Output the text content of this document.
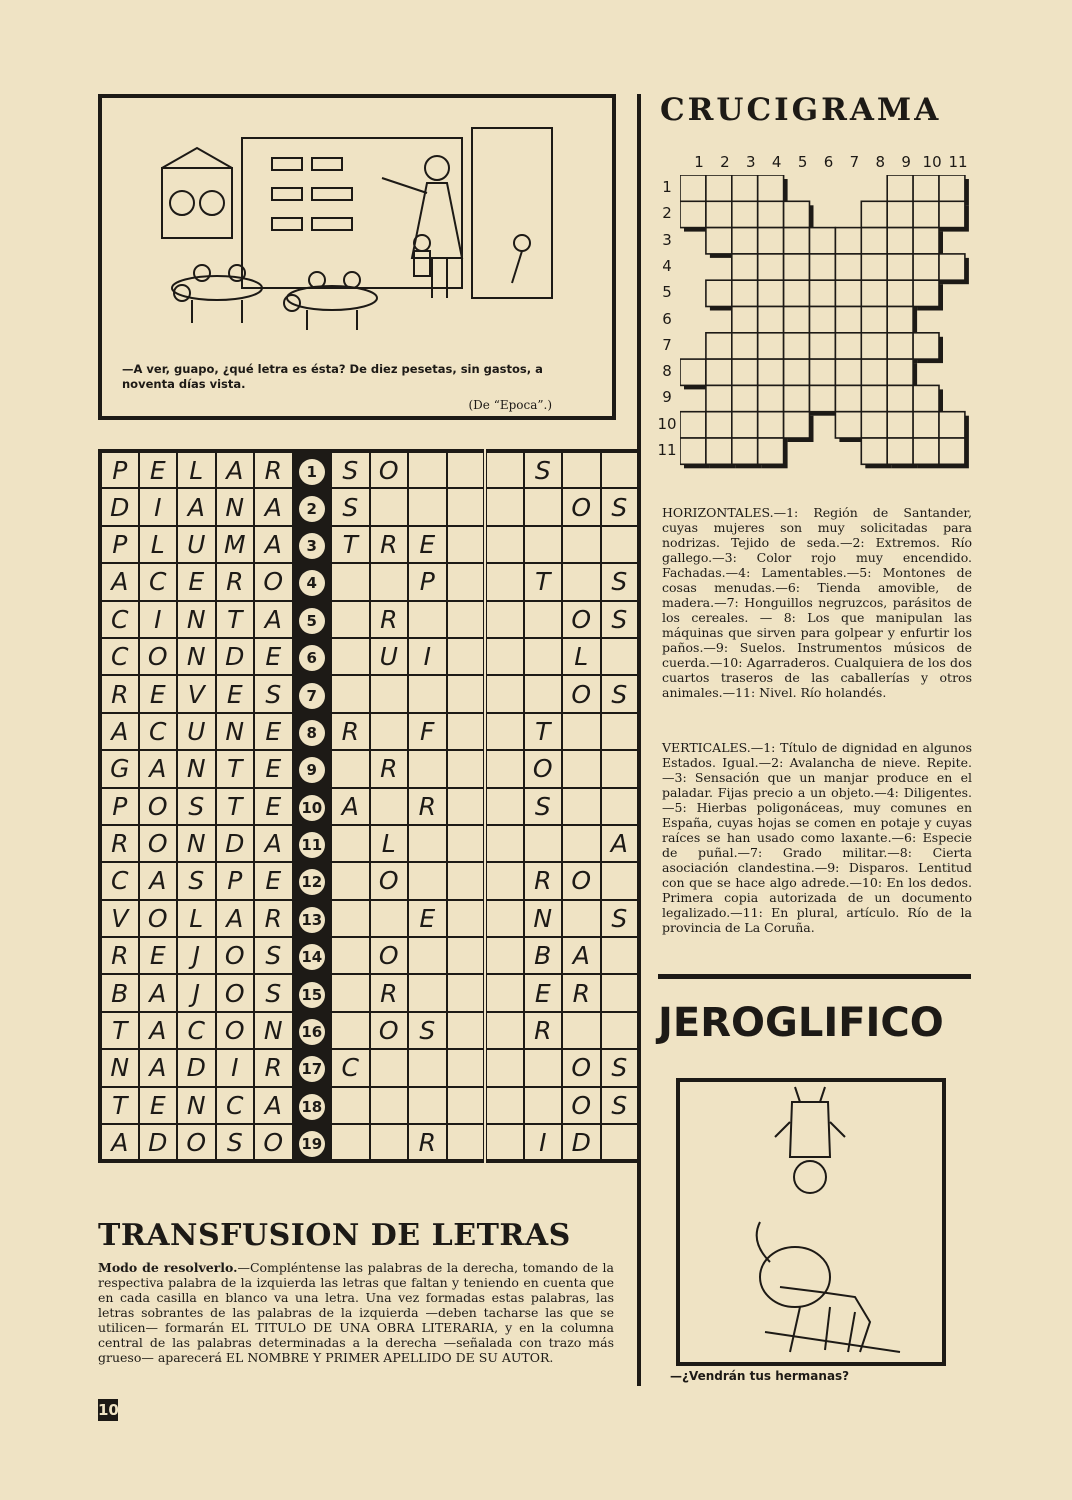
—A ver, guapo, ¿qué letra es ésta? De diez pesetas, sin gastos, a noventa días vista.
(De “Epoca”.)
P	E	L	A	R	1	S	O				S		
D	I	A	N	A	2	S						O	S
P	L	U	M	A	3	T	R	E					
A	C	E	R	O	4			P			T		S
C	I	N	T	A	5		R					O	S
C	O	N	D	E	6		U	I				L	
R	E	V	E	S	7							O	S
A	C	U	N	E	8	R		F			T		
G	A	N	T	E	9		R				O		
P	O	S	T	E	10	A		R			S		
R	O	N	D	A	11		L						A
C	A	S	P	E	12		O				R	O	
V	O	L	A	R	13			E			N		S
R	E	J	O	S	14		O				B	A	
B	A	J	O	S	15		R				E	R	
T	A	C	O	N	16		O	S			R		
N	A	D	I	R	17	C						O	S
T	E	N	C	A	18							O	S
A	D	O	S	O	19			R			I	D	
TRANSFUSION DE LETRAS
Modo de resolverlo.—Compléntense las palabras de la derecha, tomando de la respectiva palabra de la izquierda las letras que faltan y teniendo en cuenta que en cada casilla en blanco va una letra. Una vez formadas estas palabras, las letras sobrantes de las palabras de la izquierda —deben tacharse las que se utilicen— formarán EL TITULO DE UNA OBRA LITERARIA, y en la columna central de las palabras determinadas a la derecha —señalada con trazo más grueso— aparecerá EL NOMBRE Y PRIMER APELLIDO DE SU AUTOR.
10
CRUCIGRAMA
1	2	3	4	5	6	7	8	9 10 11
1
2
3
4
5
6
7
8
9
10
11
HORIZONTALES.—1: Región de Santander, cuyas mujeres son muy solicitadas para nodrizas. Tejido de seda.—2: Extremos. Río gallego.—3: Color rojo muy encendido. Fachadas.—4: Lamentables.—5: Montones de cosas menudas.—6: Tienda amovible, de madera.—7: Honguillos negruzcos, parásitos de los cereales. — 8: Los que manipulan las máquinas que sirven para golpear y enfurtir los paños.—9: Suelos. Instrumentos músicos de cuerda.—10: Agarraderos. Cualquiera de los dos cuartos traseros de las caballerías y otros animales.—11: Nivel. Río holandés.
VERTICALES.—1: Título de dignidad en algunos Estados. Igual.—2: Avalancha de nieve. Repite.—3: Sensación que un manjar produce en el paladar. Fijas precio a un objeto.—4: Diligentes.—5: Hierbas poligonáceas, muy comunes en España, cuyas hojas se comen en potaje y cuyas raíces se han usado como laxante.—6: Especie de puñal.—7: Grado militar.—8: Cierta asociación clandestina.—9: Disparos. Lentitud con que se hace algo adrede.—10: En los dedos. Primera copia autorizada de un documento legalizado.—11: En plural, artículo. Río de la provincia de La Coruña.
JEROGLIFICO
—¿Vendrán tus hermanas?
